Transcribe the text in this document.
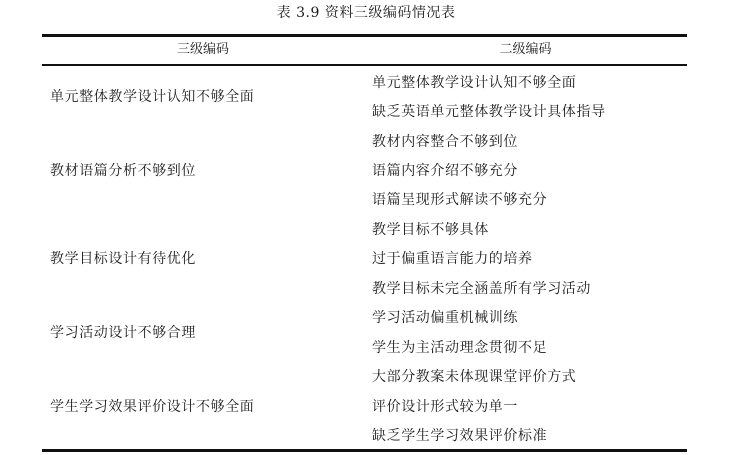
表 3.9 资料三级编码情况表
三级编码	二级编码
单元整体教学设计认知不够全面
单元整体教学设计认知不够全面
缺乏英语单元整体教学设计具体指导
教材语篇分析不够到位
教材内容整合不够到位
语篇内容介绍不够充分
语篇呈现形式解读不够充分
教学目标设计有待优化
教学目标不够具体
过于偏重语言能力的培养
教学目标未完全涵盖所有学习活动
学习活动设计不够合理
学习活动偏重机械训练
学生为主活动理念贯彻不足
学生学习效果评价设计不够全面
大部分教案未体现课堂评价方式
评价设计形式较为单一
缺乏学生学习效果评价标准
